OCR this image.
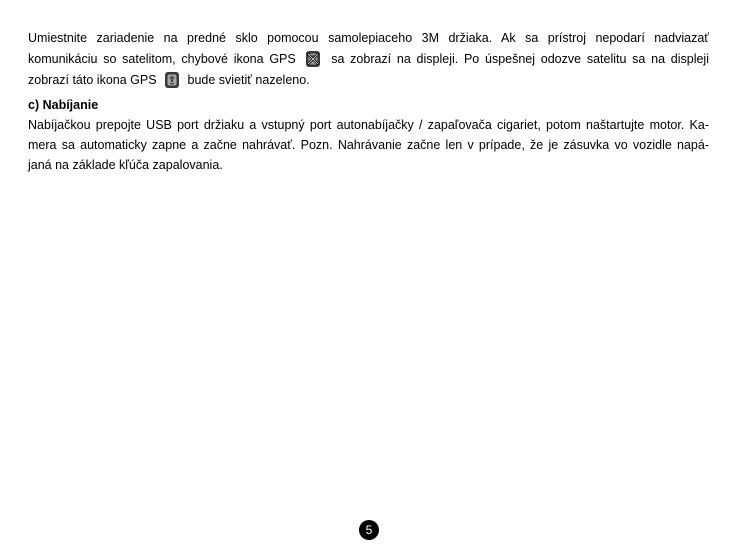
Umiestnite zariadenie na predné sklo pomocou samolepiaceho 3M držiaka. Ak sa prístroj nepodarí nadviazať
komunikáciu so satelitom, chybové ikona GPS	sa zobrazí na displeji. Po úspešnej odozve satelitu sa na displeji
zobrazí táto ikona GPS bude svietiť nazeleno.
c) Nabíjanie
Nabíjačkou prepojte USB port držiaku a vstupný port autonabíjačky / zapaľovača cigariet, potom naštartujte motor. Ka-
mera sa automaticky zapne a začne nahrávať. Pozn. Nahrávanie začne len v prípade, že je zásuvka vo vozidle napá-
janá na základe kľúča zapalovania.
5
